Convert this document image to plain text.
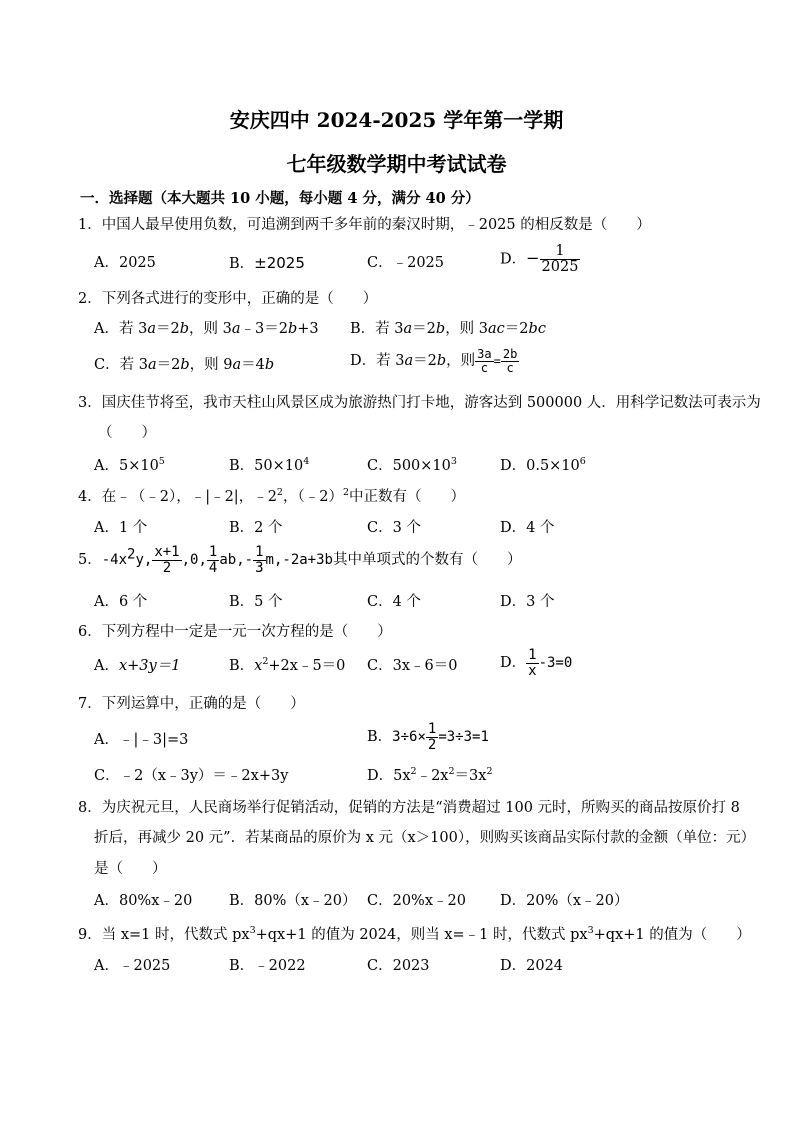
安庆四中 2024-2025 学年第一学期
七年级数学期中考试试卷
一．选择题（本大题共 10 小题，每小题 4 分，满分 40 分）
1．中国人最早使用负数，可追溯到两千多年前的秦汉时期，﹣2025 的相反数是（　　）
A．2025	B．±2025	C．﹣2025	D．− $\frac{1}{2025}$
2．下列各式进行的变形中，正确的是（　　）
A．若 3a＝2b，则 3a﹣3＝2b+3 B．若 3a＝2b，则 3ac＝2bc
C．若 3a＝2b，则 9a＝4b	D．若 3a＝2b，则 $\frac{3a}{c} = \frac{2b}{c}$
3．国庆佳节将至，我市天柱山风景区成为旅游热门打卡地，游客达到 500000 人．用科学记数法可表示为
（　　）
A．$5\times 10^5$	B．$50\times 10^4$	C．$500\times 10^3$	D．$0.5\times 10^6$
4．在﹣（﹣2），﹣|﹣2|，$﹣2^2$，（﹣2）$^2$中正数有（　　）
A．1 个	B．2 个	C．3 个	D．4 个
5．$-4x^2y$, $\frac{x+1}{2} ,0$, $\frac{1}{4} ab,- \frac{1}{3} m,-2a+3b$其中单项式的个数有（　　）
A．6 个	B．5 个	C．4 个	D．3 个
6．下列方程中一定是一元一次方程的是（　　）
A．x+3y＝1	B．$x^2+2x﹣5=0$ C．3x﹣6＝0	D． $\frac{1}{x} -3=0$
7．下列运算中，正确的是（　　）
A．﹣|﹣3|=3	B．$3\div 6\times \frac{1}{2} =3\div 3=1$
C．﹣2（x﹣3y）＝﹣2x+3y	D．$5x^2﹣2x^2=3x^2$
8．为庆祝元旦，人民商场举行促销活动，促销的方法是“消费超过 100 元时，所购买的商品按原价打 8
折后，再减少 20 元”．若某商品的原价为 x 元（x＞100），则购买该商品实际付款的金额（单位：元）
是（　　）
A．80%x﹣20	B．80%（x﹣20） C．20%x﹣20 D．20%（x﹣20）
9．当 x=1 时，代数式 $px^3+qx+1$ 的值为 2024，则当 x=﹣1 时，代数式 $px^3+qx+1$ 的值为（　　）
A．﹣2025	B．﹣2022	C．2023	D．2024
